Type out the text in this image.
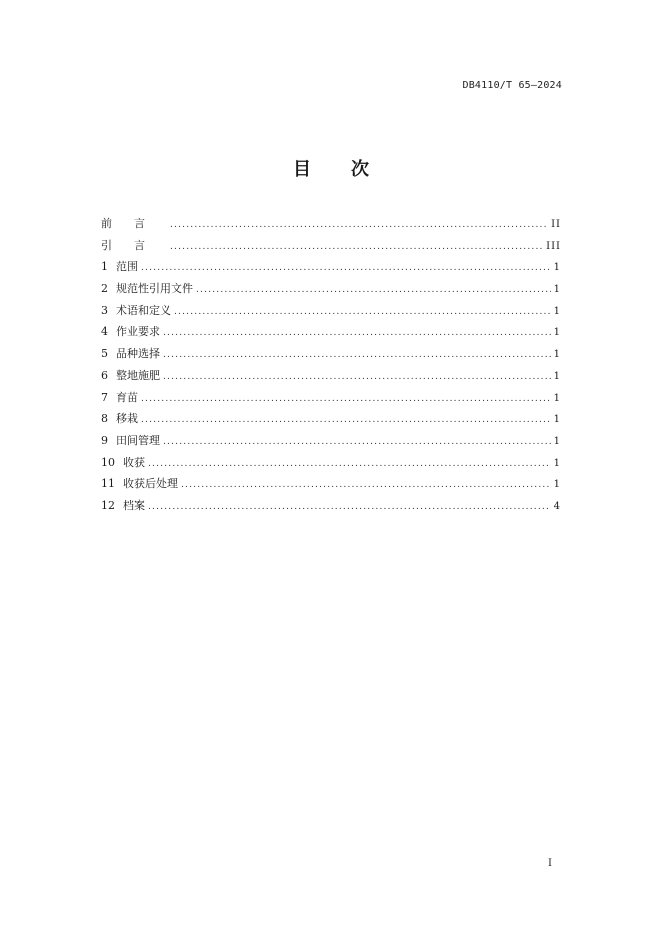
DB4110/T 65—2024
目 次
前言 .....	II
引言 .....	III
1 范围 .....	1
2 规范性引用文件 .....	1
3 术语和定义 .....	1
4 作业要求 .....	1
5 品种选择 .....	1
6 整地施肥 .....	1
7 育苗 .....	1
8 移栽 .....	1
9 田间管理 .....	1
10 收获 .....	1
11 收获后处理 .....	1
12 档案 .....	4
I
